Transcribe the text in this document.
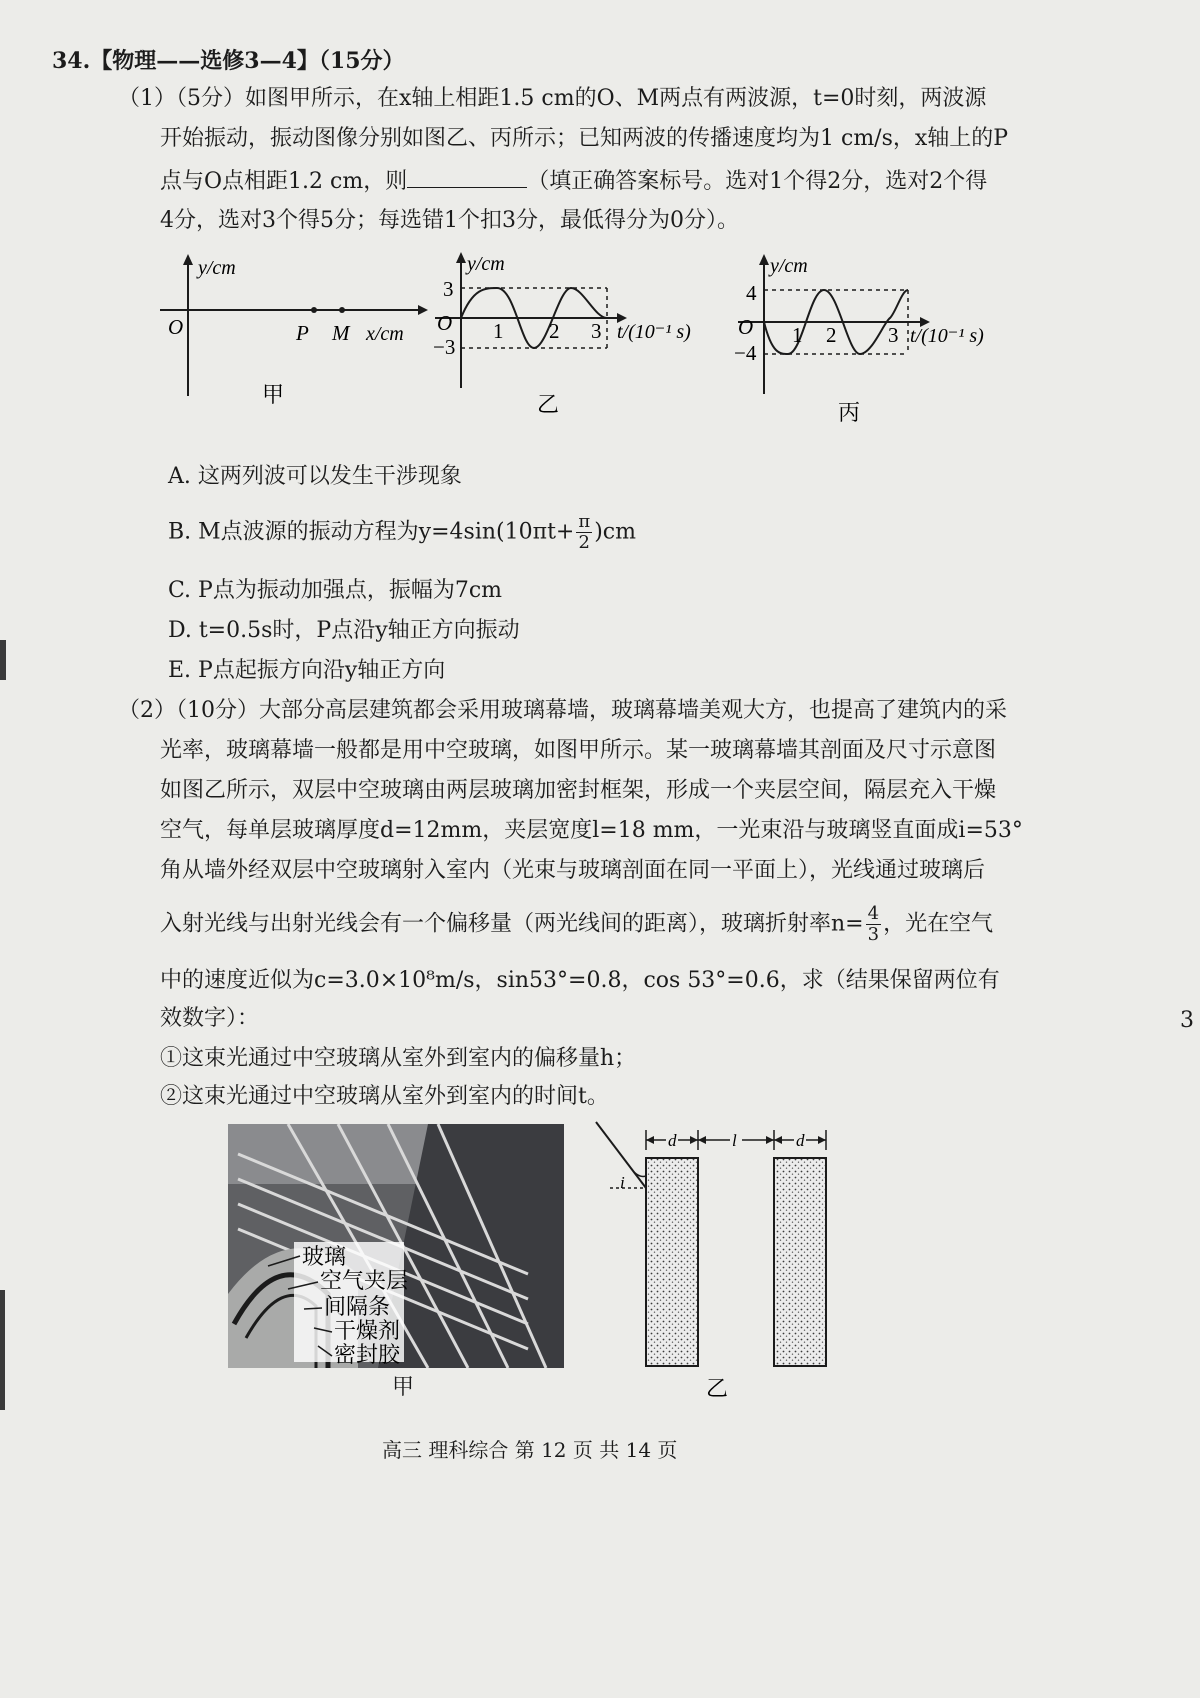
34.【物理——选修3—4】（15分）
（1）（5分）如图甲所示，在x轴上相距1.5 cm的O、M两点有两波源，t=0时刻，两波源
开始振动，振动图像分别如图乙、丙所示；已知两波的传播速度均为1 cm/s，x轴上的P
点与O点相距1.2 cm，则	（填正确答案标号。选对1个得2分，选对2个得
4分，选对3个得5分；每选错1个扣3分，最低得分为0分）。
y/cm
O	P M x/cm
甲
y/cm
3
O
−3
1 2 3 t/(10⁻¹ s)
乙
y/cm
4
O
−4
1 2 3 t/(10⁻¹ s)
丙
A. 这两列波可以发生干涉现象
B. M点波源的振动方程为$y=4\sin(10\pi t+ \frac{\pi}{2} )cm$
C. P点为振动加强点，振幅为7cm
D. t=0.5s时，P点沿y轴正方向振动
E. P点起振方向沿y轴正方向
（2）（10分）大部分高层建筑都会采用玻璃幕墙，玻璃幕墙美观大方，也提高了建筑内的采
光率，玻璃幕墙一般都是用中空玻璃，如图甲所示。某一玻璃幕墙其剖面及尺寸示意图
如图乙所示，双层中空玻璃由两层玻璃加密封框架，形成一个夹层空间，隔层充入干燥
空气，每单层玻璃厚度d=12mm，夹层宽度l=18 mm，一光束沿与玻璃竖直面成i=53°
角从墙外经双层中空玻璃射入室内（光束与玻璃剖面在同一平面上），光线通过玻璃后
入射光线与出射光线会有一个偏移量（两光线间的距离），玻璃折射率$n= \frac{4}{3}$ ，光在空气
中的速度近似为c=3.0×10⁸m/s，sin53°=0.8，cos 53°=0.6，求（结果保留两位有
效数字）：
①这束光通过中空玻璃从室外到室内的偏移量h；
②这束光通过中空玻璃从室外到室内的时间t。
3
玻璃
空气夹层
间隔条
干燥剂
密封胶
甲
d	l	d
i
乙
高三 理科综合 第 12 页 共 14 页
